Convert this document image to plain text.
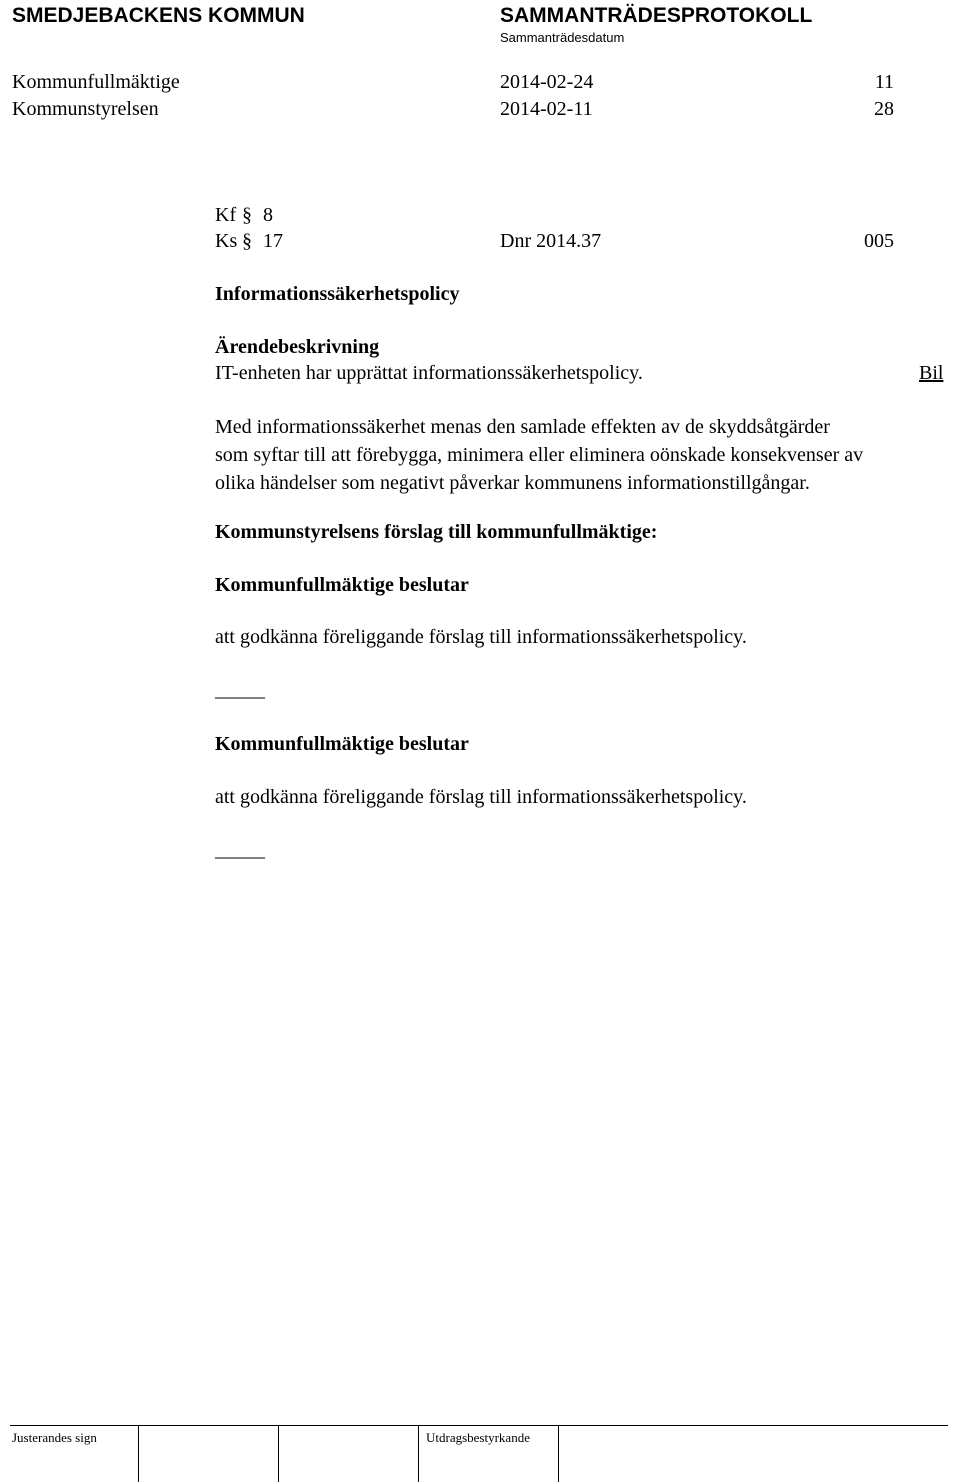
SMEDJEBACKENS KOMMUN	SAMMANTRÄDESPROTOKOLL
Sammanträdesdatum
Kommunfullmäktige	2014-02-24	11
Kommunstyrelsen	2014-02-11	28
Kf § 8
Ks § 17	Dnr 2014.37	005
Informationssäkerhetspolicy
Ärendebeskrivning
IT-enheten har upprättat informationssäkerhetspolicy.	Bil
Med informationssäkerhet menas den samlade effekten av de skyddsåtgärder
som syftar till att förebygga, minimera eller eliminera oönskade konsekvenser av
olika händelser som negativt påverkar kommunens informationstillgångar.
Kommunstyrelsens förslag till kommunfullmäktige:
Kommunfullmäktige beslutar
att godkänna föreliggande förslag till informationssäkerhetspolicy.
_____
Kommunfullmäktige beslutar
att godkänna föreliggande förslag till informationssäkerhetspolicy.
_____
Justerandes sign	Utdragsbestyrkande
